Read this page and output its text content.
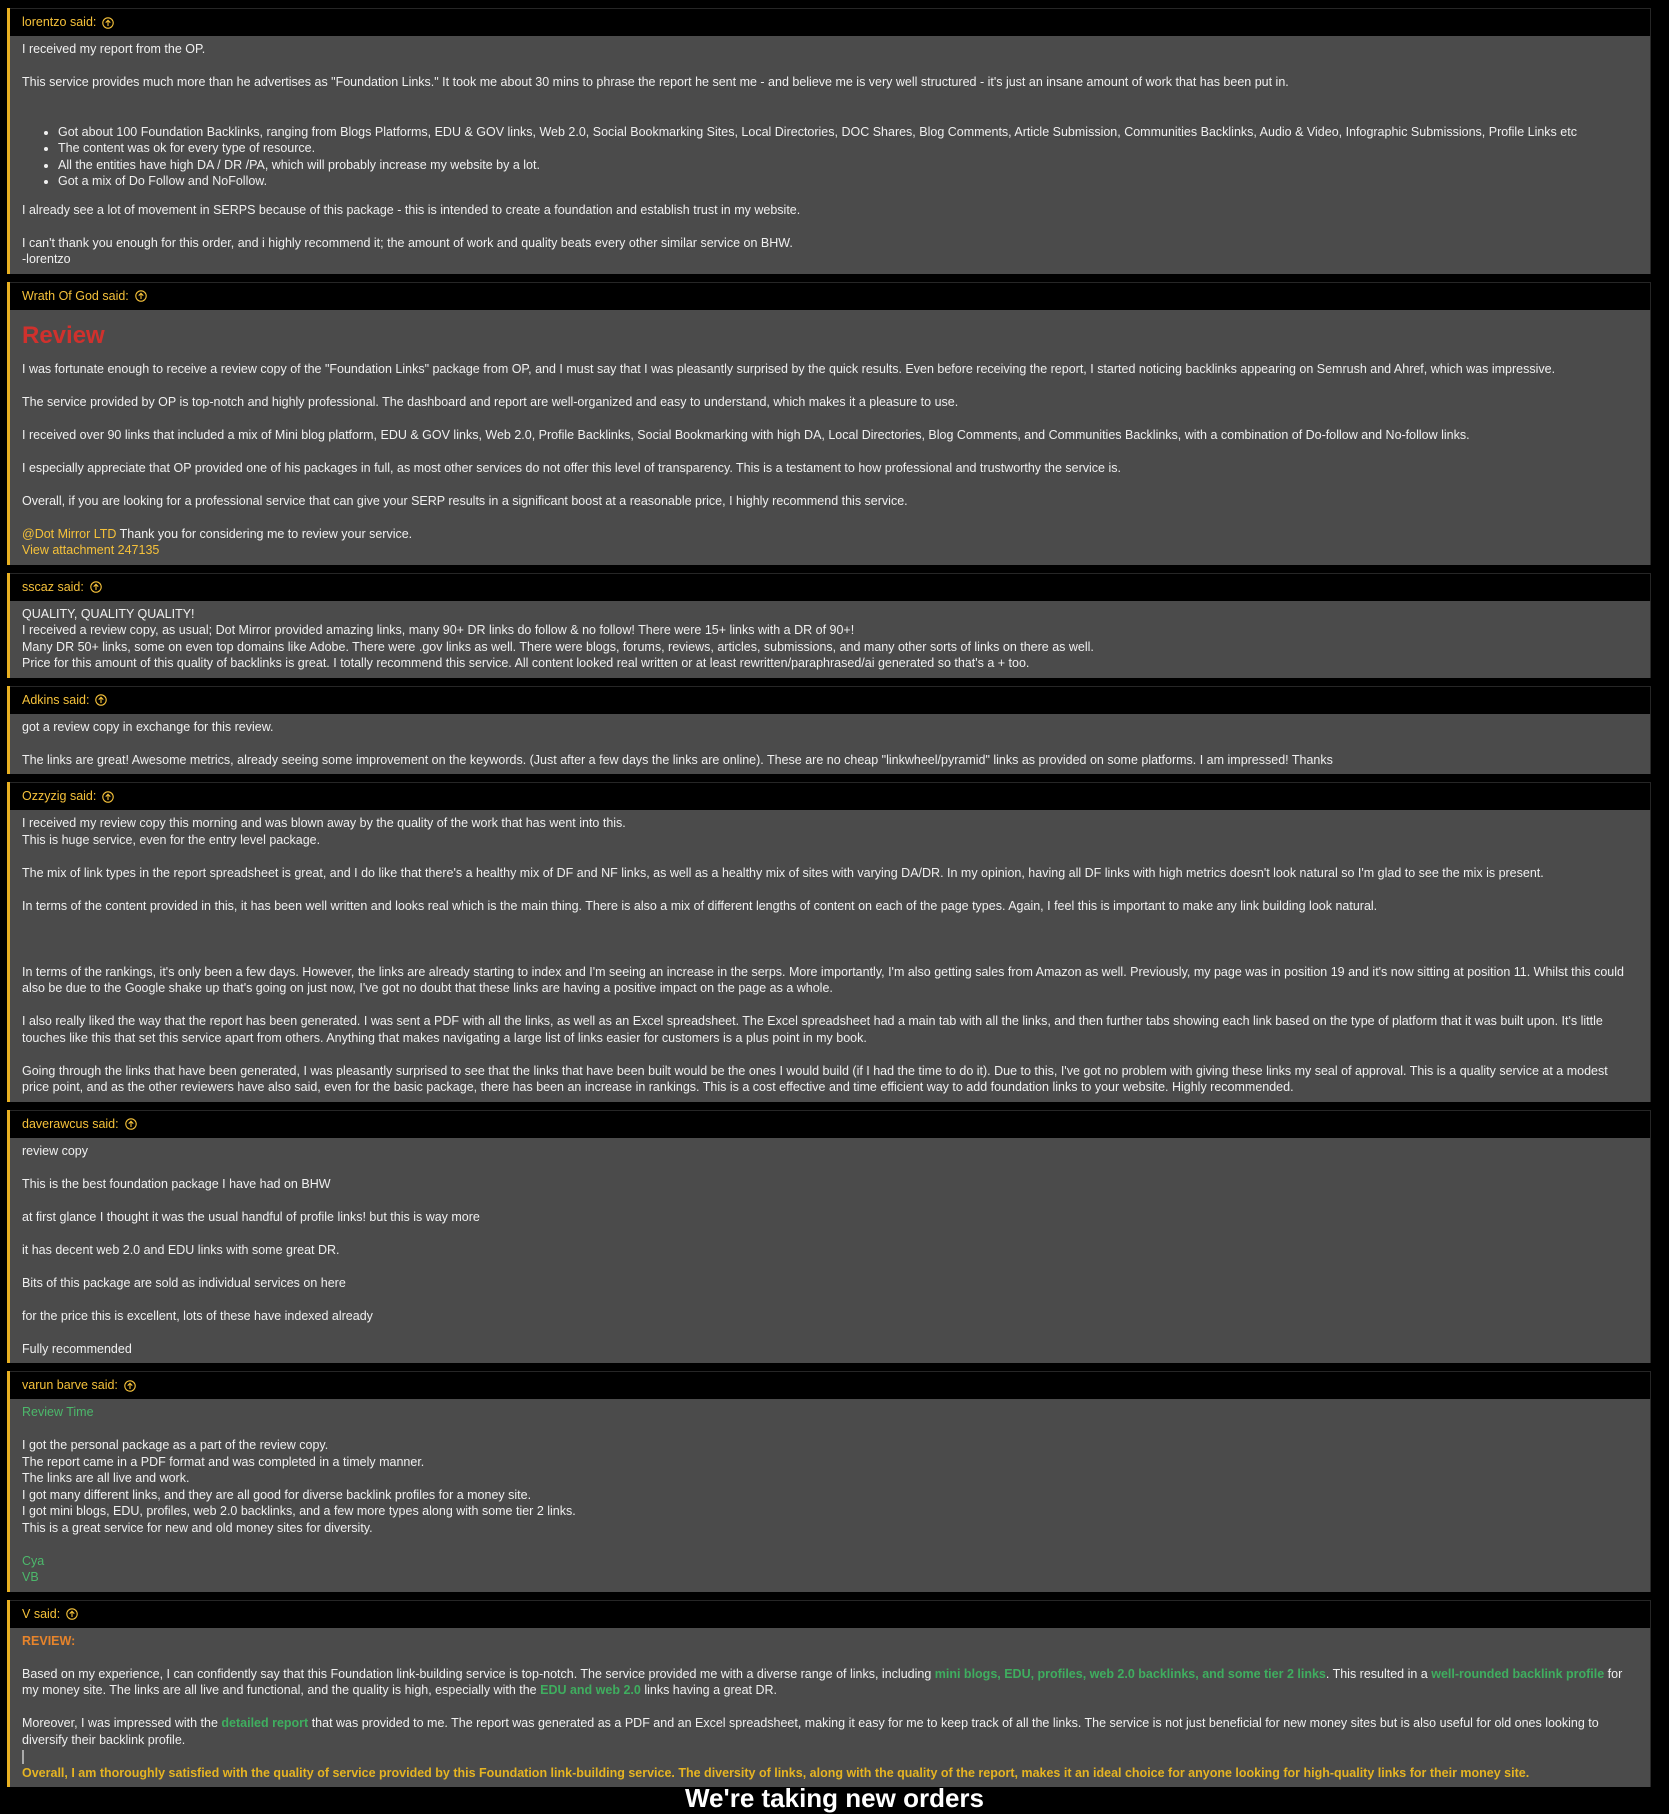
lorentzo
said:

I received my report from the OP.

This service provides much more than he advertises as "Foundation Links." It took me about 30 mins to phrase the report he sent me - and believe me is very well structured - it's just an insane amount of work that has been put in.

• Got about 100 Foundation Backlinks, ranging from Blogs Platforms, EDU & GOV links, Web 2.0, Social Bookmarking Sites, Local Directories, DOC Shares, Blog Comments, Article Submission, Communities Backlinks, Audio & Video, Infographic Submissions, Profile Links etc
• The content was ok for every type of resource.
• All the entities have high DA / DR /PA, which will probably increase my website by a lot.
• Got a mix of Do Follow and NoFollow.

I already see a lot of movement in SERPS because of this package - this is intended to create a foundation and establish trust in my website.

I can't thank you enough for this order, and i highly recommend it; the amount of work and quality beats every other similar service on BHW.

-lorentzo

Wrath Of God
said:
Review

I was fortunate enough to receive a review copy of the "Foundation Links" package from OP, and I must say that I was pleasantly surprised by the quick results. Even before receiving the report, I started noticing backlinks appearing on Semrush and Ahref, which was impressive.

The service provided by OP is top-notch and highly professional. The dashboard and report are well-organized and easy to understand, which makes it a pleasure to use.

I received over 90 links that included a mix of Mini blog platform, EDU & GOV links, Web 2.0, Profile Backlinks, Social Bookmarking with high DA, Local Directories, Blog Comments, and Communities Backlinks, with a combination of Do-follow and No-follow links.

I especially appreciate that OP provided one of his packages in full, as most other services do not offer this level of transparency. This is a testament to how professional and trustworthy the service is.

Overall, if you are looking for a professional service that can give your SERP results in a significant boost at a reasonable price, I highly recommend this service.

@Dot Mirror LTD Thank you for considering me to review your service.

View attachment 247135

sscaz
said:

QUALITY, QUALITY QUALITY!

I received a review copy, as usual; Dot Mirror provided amazing links, many 90+ DR links do follow & no follow! There were 15+ links with a DR of 90+!

Many DR 50+ links, some on even top domains like Adobe. There were .gov links as well. There were blogs, forums, reviews, articles, submissions, and many other sorts of links on there as well.

Price for this amount of this quality of backlinks is great. I totally recommend this service. All content looked real written or at least rewritten/paraphrased/ai generated so that's a + too.

Adkins
said:

got a review copy in exchange for this review.

The links are great! Awesome metrics, already seeing some improvement on the keywords. (Just after a few days the links are online). These are no cheap "linkwheel/pyramid" links as provided on some platforms. I am impressed! Thanks

Ozzyzig
said:

I received my review copy this morning and was blown away by the quality of the work that has went into this.

This is huge service, even for the entry level package.

The mix of link types in the report spreadsheet is great, and I do like that there's a healthy mix of DF and NF links, as well as a healthy mix of sites with varying DA/DR. In my opinion, having all DF links with high metrics doesn't look natural so I'm glad to see the mix is present.

In terms of the content provided in this, it has been well written and looks real which is the main thing. There is also a mix of different lengths of content on each of the page types. Again, I feel this is important to make any link building look natural.

In terms of the rankings, it's only been a few days. However, the links are already starting to index and I'm seeing an increase in the serps. More importantly, I'm also getting sales from Amazon as well. Previously, my page was in position 19 and it's now sitting at position 11. Whilst this could also be due to the Google shake up that's going on just now, I've got no doubt that these links are having a positive impact on the page as a whole.

I also really liked the way that the report has been generated. I was sent a PDF with all the links, as well as an Excel spreadsheet. The Excel spreadsheet had a main tab with all the links, and then further tabs showing each link based on the type of platform that it was built upon. It's little touches like this that set this service apart from others. Anything that makes navigating a large list of links easier for customers is a plus point in my book.

Going through the links that have been generated, I was pleasantly surprised to see that the links that have been built would be the ones I would build (if I had the time to do it). Due to this, I've got no problem with giving these links my seal of approval. This is a quality service at a modest price point, and as the other reviewers have also said, even for the basic package, there has been an increase in rankings. This is a cost effective and time efficient way to add foundation links to your website. Highly recommended.

daverawcus
said:

review copy

This is the best foundation package I have had on BHW

at first glance I thought it was the usual handful of profile links! but this is way more

it has decent web 2.0 and EDU links with some great DR.

Bits of this package are sold as individual services on here

for the price this is excellent, lots of these have indexed already

Fully recommended

varun barve
said:

Review Time

I got the personal package as a part of the review copy.

The report came in a PDF format and was completed in a timely manner.

The links are all live and work.

I got many different links, and they are all good for diverse backlink profiles for a money site.

I got mini blogs, EDU, profiles, web 2.0 backlinks, and a few more types along with some tier 2 links.

This is a great service for new and old money sites for diversity.

Cya

VB

V
said:

REVIEW:

Based on my experience, I can confidently say that this Foundation link-building service is top-notch. The service provided me with a diverse range of links, including mini blogs, EDU, profiles, web 2.0 backlinks, and some tier 2 links. This resulted in a well-rounded backlink profile for my money site. The links are all live and functional, and the quality is high, especially with the EDU and web 2.0 links having a great DR.

Moreover, I was impressed with the detailed report that was provided to me. The report was generated as a PDF and an Excel spreadsheet, making it easy for me to keep track of all the links. The service is not just beneficial for new money sites but is also useful for old ones looking to diversify their backlink profile.

Overall, I am thoroughly satisfied with the quality of service provided by this Foundation link-building service. The diversity of links, along with the quality of the report, makes it an ideal choice for anyone looking for high-quality links for their money site.

We're taking new orders
